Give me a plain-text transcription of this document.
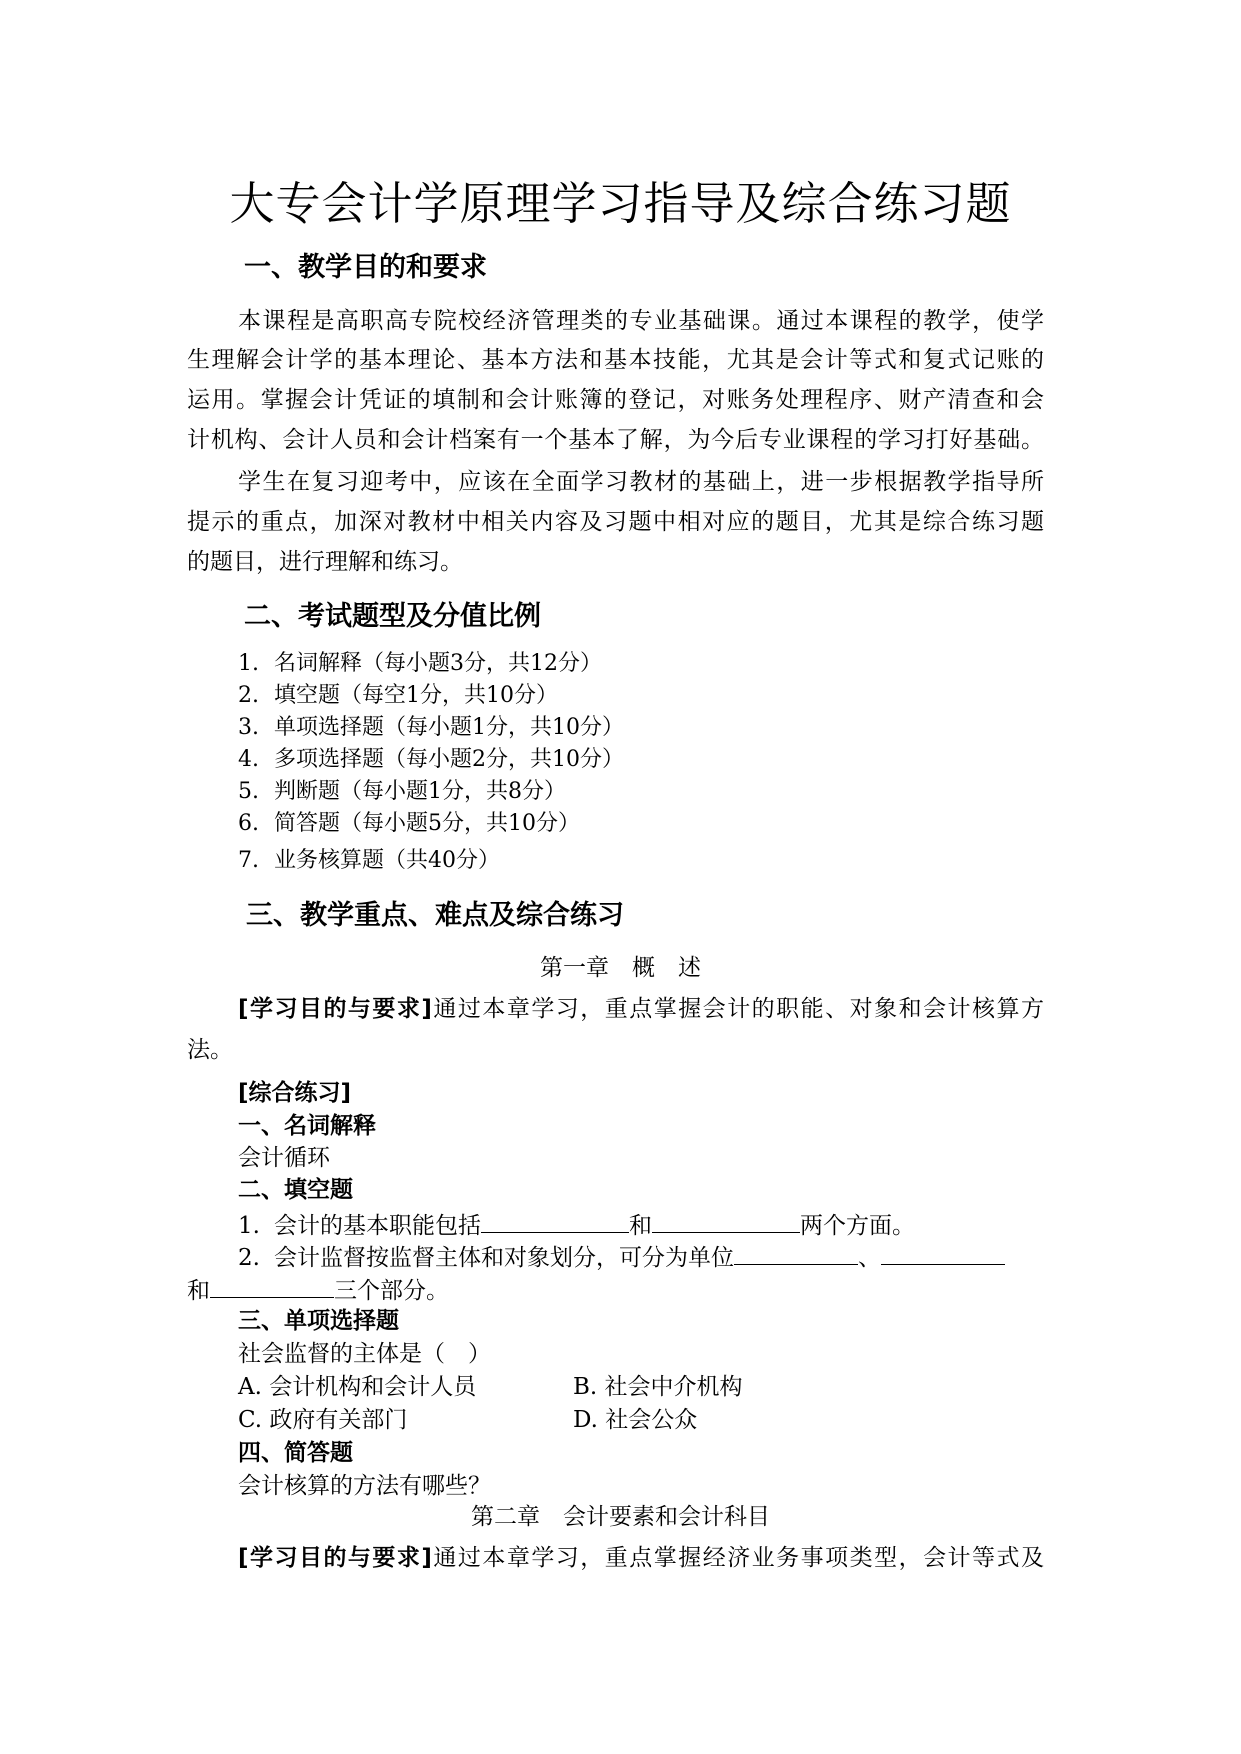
大专会计学原理学习指导及综合练习题
一、教学目的和要求
本课程是高职高专院校经济管理类的专业基础课。通过本课程的教学，使学
生理解会计学的基本理论、基本方法和基本技能，尤其是会计等式和复式记账的
运用。掌握会计凭证的填制和会计账簿的登记，对账务处理程序、财产清查和会
计机构、会计人员和会计档案有一个基本了解，为今后专业课程的学习打好基础。
学生在复习迎考中，应该在全面学习教材的基础上，进一步根据教学指导所
提示的重点，加深对教材中相关内容及习题中相对应的题目，尤其是综合练习题
的题目，进行理解和练习。
二、考试题型及分值比例
1. 名词解释（每小题3分，共12分）
2. 填空题（每空1分，共10分）
3. 单项选择题（每小题1分，共10分）
4. 多项选择题（每小题2分，共10分）
5. 判断题（每小题1分，共8分）
6. 简答题（每小题5分，共10分）
7. 业务核算题（共40分）
三、教学重点、难点及综合练习
第一章　概　述
[学习目的与要求]通过本章学习，重点掌握会计的职能、对象和会计核算方
法。
[综合练习]
一、名词解释
会计循环
二、填空题
1. 会计的基本职能包括	和	两个方面。
2. 会计监督按监督主体和对象划分，可分为单位	、
和	三个部分。
三、单项选择题
社会监督的主体是（　）
A. 会计机构和会计人员	B. 社会中介机构
C. 政府有关部门	D. 社会公众
四、简答题
会计核算的方法有哪些？
第二章　会计要素和会计科目
[学习目的与要求]通过本章学习，重点掌握经济业务事项类型，会计等式及
